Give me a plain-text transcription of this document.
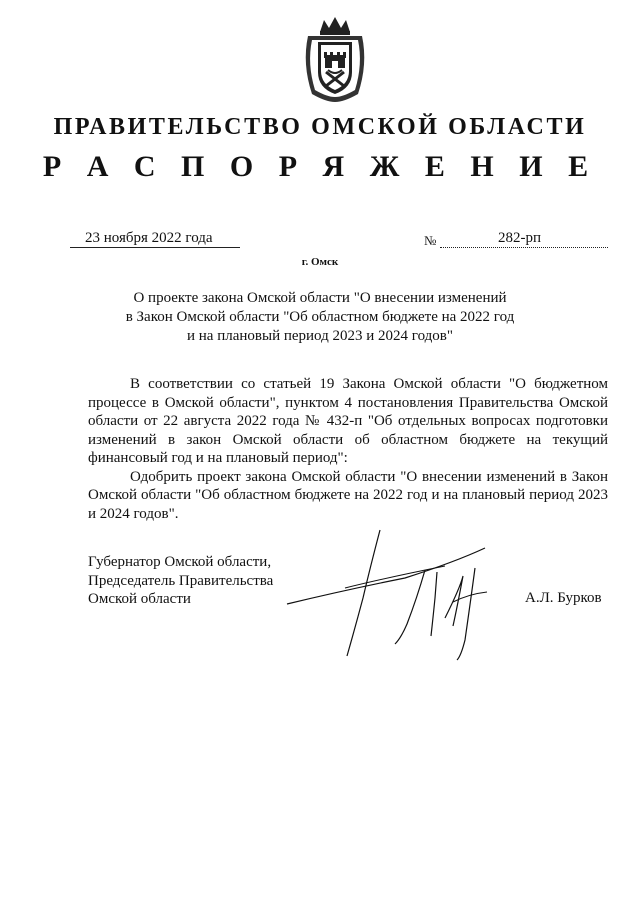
ПРАВИТЕЛЬСТВО ОМСКОЙ ОБЛАСТИ
Р А С П О Р Я Ж Е Н И Е
23 ноября 2022 года	№	282-рп
г. Омск
О проекте закона Омской области "О внесении изменений
в Закон Омской области "Об областном бюджете на 2022 год
и на плановый период 2023 и 2024 годов"

В соответствии со статьей 19 Закона Омской области "О бюджетном процессе в Омской области", пунктом 4 постановления Правительства Омской области от 22 августа 2022 года № 432-п "Об отдельных вопросах подготовки изменений в закон Омской области об областном бюджете на текущий финансовый год и на плановый период":

Одобрить проект закона Омской области "О внесении изменений в Закон Омской области "Об областном бюджете на 2022 год и на плановый период 2023 и 2024 годов".

Губернатор Омской области,
Председатель Правительства
Омской области	А.Л. Бурков
